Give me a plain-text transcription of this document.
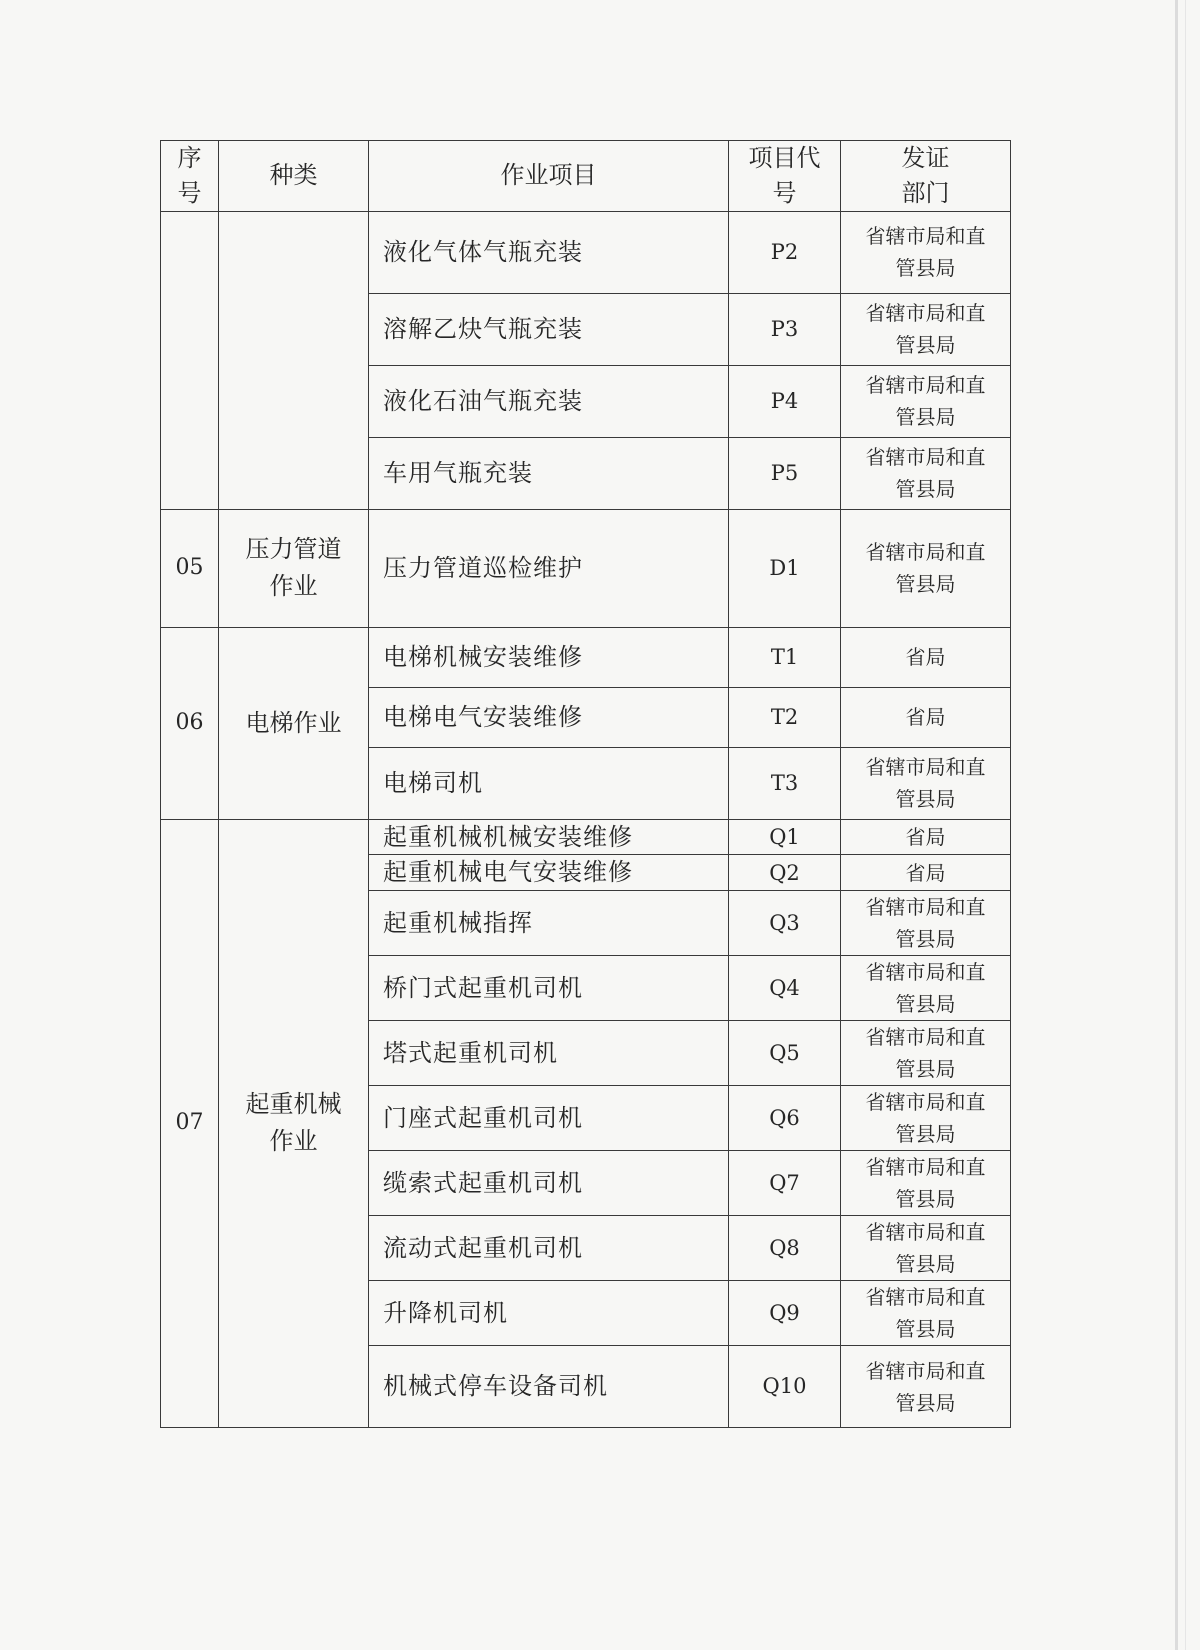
序号	种类	作业项目	项目代号	发证部门
		液化气体气瓶充装	P2	省辖市局和直管县局
		溶解乙炔气瓶充装	P3	省辖市局和直管县局
		液化石油气瓶充装	P4	省辖市局和直管县局
		车用气瓶充装	P5	省辖市局和直管县局
05	压力管道作业	压力管道巡检维护	D1	省辖市局和直管县局
06	电梯作业	电梯机械安装维修	T1	省局
		电梯电气安装维修	T2	省局
		电梯司机	T3	省辖市局和直管县局
07	起重机械作业	起重机械机械安装维修	Q1	省局
		起重机械电气安装维修	Q2	省局
		起重机械指挥	Q3	省辖市局和直管县局
		桥门式起重机司机	Q4	省辖市局和直管县局
		塔式起重机司机	Q5	省辖市局和直管县局
		门座式起重机司机	Q6	省辖市局和直管县局
		缆索式起重机司机	Q7	省辖市局和直管县局
		流动式起重机司机	Q8	省辖市局和直管县局
		升降机司机	Q9	省辖市局和直管县局
		机械式停车设备司机	Q10	省辖市局和直管县局
